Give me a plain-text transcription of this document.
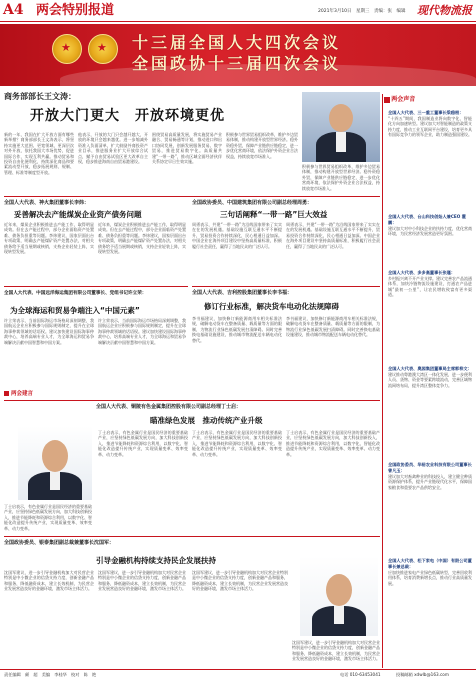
A4 两会特别报道	2021年3月10日　星期三　责编：张　编辑 现代物流报
★ ★ 十三届全国人大四次会议
全国政协十三届四次会议
商务部部长王文涛：
开放大门更大　开放环境更优
新的一年，我国在扩大开放方面有哪些新举措？商务部部长王文涛表示，将坚持实施更大范围、更宽领域、更深层次对外开放，依托我国大市场优势，促进国际合作，实现互利共赢。推动贸易和投资自由化便利化，持续深化商品和要素流动型开放，稳步拓展规则、规制、管理、标准等制度型开放。
他表示，开放的大门只会越开越大，开放的环境只会越来越优。进一步缩减外资准入负面清单，扩大鼓励外商投资产业目录，推进服务业扩大开放综合试点，赋予自由贸易试验区更大改革自主权，稳步推进海南自由贸易港建设。
围绕贸易高质量发展，将实施贸易产业融合、贸易畅通等计划，推动进口和出口协同发展，创新发展服务贸易、数字贸易，推进贸易数字化。高质量共建“一带一路”，推动区域全面经济伙伴关系协定早日生效实施。
积极参与世界贸易组织改革，维护多边贸易体制，推动构建开放型世界经济。稳外资稳外贸，保障产业链供应链稳定，进一步优化营商环境，依法保护外资企业合法权益，持续放宽市场准入。
积极参与世界贸易组织改革，维护多边贸易体制，推动构建开放型世界经济。稳外资稳外贸，保障产业链供应链稳定，进一步优化营商环境，依法保护外资企业合法权益，持续放宽市场准入。
全国人大代表、神火集团董事长李炜：
妥善解决去产能煤炭企业资产债务问题
近年来，煤炭企业积极推进去产能工作，取得明显成效。但在去产能过程中，部分企业面临资产处置难、债务负担重等问题。李炜建议，国家层面出台专项政策，明确去产能煤矿资产处置办法，对相关债务给予适当展期或核销，支持企业轻装上阵，实现转型发展。
近年来，煤炭企业积极推进去产能工作，取得明显成效。但在去产能过程中，部分企业面临资产处置难、债务负担重等问题。李炜建议，国家层面出台专项政策，明确去产能煤矿资产处置办法，对相关债务给予适当展期或核销，支持企业轻装上阵，实现转型发展。
全国政协委员、中国建筑集团有限公司副总经理周勇：
三句话阐释“一带一路”巨大效益
周勇表示，共建“一带一路”为沿线国家带来了实实在在的发展机遇。基础设施互联互通水平不断提升，贸易投资合作持续深化，民心相通日益加深。中国企业在海外项目建设中坚持高质量标准，积极履行社会责任，赢得了当地民众的广泛认可。
周勇表示，共建“一带一路”为沿线国家带来了实实在在的发展机遇。基础设施互联互通水平不断提升，贸易投资合作持续深化，民心相通日益加深。中国企业在海外项目建设中坚持高质量标准，积极履行社会责任，赢得了当地民众的广泛认可。
全国人大代表、中国远洋海运集团有限公司董事长、党组书记许立荣：
为全球海运和贸易争端注入“中国元素”
许立荣表示，当前国际海运市场格局深刻调整，我国航运企业应积极参与国际规则制定，提升在全球海事仲裁领域的话语权。建议加快建设国际海事仲裁中心，培养高端专业人才，为全球海运和贸易争端解决贡献中国智慧和中国方案。
许立荣表示，当前国际海运市场格局深刻调整，我国航运企业应积极参与国际规则制定，提升在全球海事仲裁领域的话语权。建议加快建设国际海事仲裁中心，培养高端专业人才，为全球海运和贸易争端解决贡献中国智慧和中国方案。
全国人大代表、吉利控股集团董事长李书福：
修订行业标准，解决货车电动化法规障碍
李书福建议，加快修订新能源商用车相关标准法规，破解电动货车在整备质量、载质量等方面的限制，为物流行业绿色低碳发展扫清障碍。同时完善换电基础设施建设，推动城市物流配送车辆电动化替代。
李书福建议，加快修订新能源商用车相关标准法规，破解电动货车在整备质量、载质量等方面的限制，为物流行业绿色低碳发展扫清障碍。同时完善换电基础设施建设，推动城市物流配送车辆电动化替代。
两会建言
全国人大代表、铜陵有色金属集团控股有限公司副总经理丁士启：
瞄准绿色发展　推动传统产业升级
丁士启表示，有色金属行业是国民经济的重要基础产业，应坚持绿色低碳发展方向，加大科技创新投入，推进节能降耗和资源综合利用，以数字化、智能化改造提升传统产业，实现质量变革、效率变革、动力变革。
丁士启表示，有色金属行业是国民经济的重要基础产业，应坚持绿色低碳发展方向，加大科技创新投入，推进节能降耗和资源综合利用，以数字化、智能化改造提升传统产业，实现质量变革、效率变革、动力变革。
丁士启表示，有色金属行业是国民经济的重要基础产业，应坚持绿色低碳发展方向，加大科技创新投入，推进节能降耗和资源综合利用，以数字化、智能化改造提升传统产业，实现质量变革、效率变革、动力变革。
丁士启表示，有色金属行业是国民经济的重要基础产业，应坚持绿色低碳发展方向，加大科技创新投入，推进节能降耗和资源综合利用，以数字化、智能化改造提升传统产业，实现质量变革、效率变革、动力变革。
全国政协委员、银泰集团副总裁兼董事长沈国军：
引导金融机构持续支持民企发展扶持
沈国军建议，进一步引导金融机构加大对民营企业特别是中小微企业的信贷支持力度，创新金融产品和服务，降低融资成本，建立长效机制，为民营企业发展营造良好的金融环境，激发市场主体活力。
沈国军建议，进一步引导金融机构加大对民营企业特别是中小微企业的信贷支持力度，创新金融产品和服务，降低融资成本，建立长效机制，为民营企业发展营造良好的金融环境，激发市场主体活力。
沈国军建议，进一步引导金融机构加大对民营企业特别是中小微企业的信贷支持力度，创新金融产品和服务，降低融资成本，建立长效机制，为民营企业发展营造良好的金融环境，激发市场主体活力。
沈国军建议，进一步引导金融机构加大对民营企业特别是中小微企业的信贷支持力度，创新金融产品和服务，降低融资成本，建立长效机制，为民营企业发展营造良好的金融环境，激发市场主体活力。
两会声音
全国人大代表、三一重工董事长梁稳根：
“十四五”期间，我国制造业将向数字化、智能化方向加速转型。建议加大对智能制造的政策支持力度，推动工业互联网平台建设，培育更多具有国际竞争力的领军企业，助力制造强国建设。
全国人大代表、台山科技创始人兼CEO 霍鹏：
建议加大对中小科技企业的扶持力度，优化营商环境，为民营经济发展营造更好氛围。
全国人大代表、多多高董事长张瑾：
乡村振兴离不开产业支撑。建议完善农产品流通体系，加快冷链物流设施建设，打通农产品进城“最初一公里”，让农民增收致富有更多渠道。
全国人大代表、奥园集团董事局主席郭梓文：
建议推动粤港澳大湾区一体化发展，进一步便利人员、货物、资金等要素跨境流动，完善区域物流网络布局，提升湾区整体竞争力。
全国政协委员、华裕农业科技有限公司董事长曾凡玉：
建议加大对畜禽种业的科技投入，建立健全种质资源保护体系，提升产业链现代化水平，保障国家粮食和重要农产品供给安全。
全国人大代表、松下家电（中国）有限公司董事长兼总裁：
应加快推进家电产业绿色低碳转型，完善回收利用体系，培育消费新增长点，推动行业高质量发展。
责任编辑　颜　超　美编　李桂华　校对　陈　艳	电话 010-63453041	投稿邮箱 xdwlb@163.com
